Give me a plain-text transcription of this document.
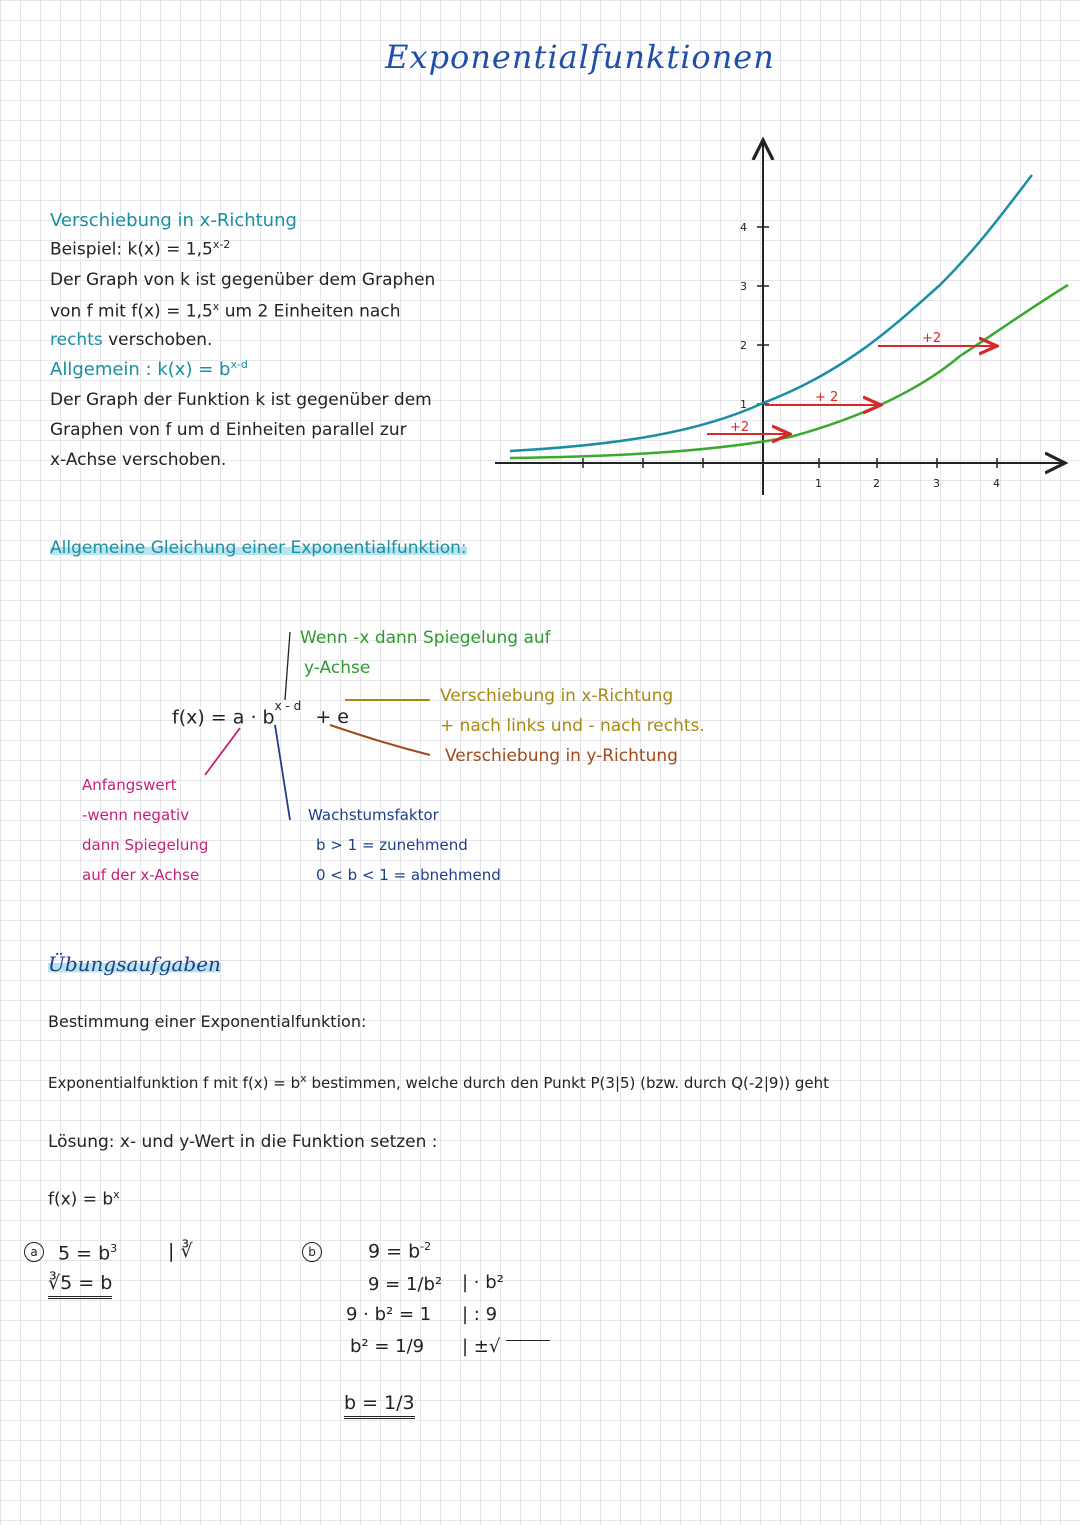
Exponentialfunktionen
Verschiebung in x-Richtung
Beispiel: $k(x) = 1,5^{x-2}$
Der Graph von k ist gegenüber dem Graphen
von f mit $f(x) = 1,5^x$ um 2 Einheiten nach
rechts verschoben.
Allgemein : $k(x) = b^{x-d}$
Der Graph der Funktion k ist gegenüber dem
Graphen von f um d Einheiten parallel zur
x-Achse verschoben.
1
2
3
4
1	2	3	4
+2
+ 2
+2
Allgemeine Gleichung einer Exponentialfunktion:
Wenn -x dann Spiegelung auf
y-Achse
$f(x) = a \cdot b^{x - d} + e$
Verschiebung in x-Richtung
+ nach links und - nach rechts.
Verschiebung in y-Richtung
Anfangswert
-wenn negativ
dann Spiegelung
auf der x-Achse
Wachstumsfaktor
b > 1 = zunehmend
0 < b < 1 = abnehmend
Übungsaufgaben
Bestimmung einer Exponentialfunktion:
Exponentialfunktion f mit $f(x) = b^x$ bestimmen, welche durch den Punkt P(3|5) (bzw. durch Q(-2|9)) geht
Lösung: x- und y-Wert in die Funktion setzen :
$f(x) = b^x$
a	$5 = b^3$	| ∛
∛5 = b
b	$9 = b^{-2}$
9 = 1/b² | · b²
9 · b² = 1 | : 9
b² = 1/9 | ±√
b = 1/3
